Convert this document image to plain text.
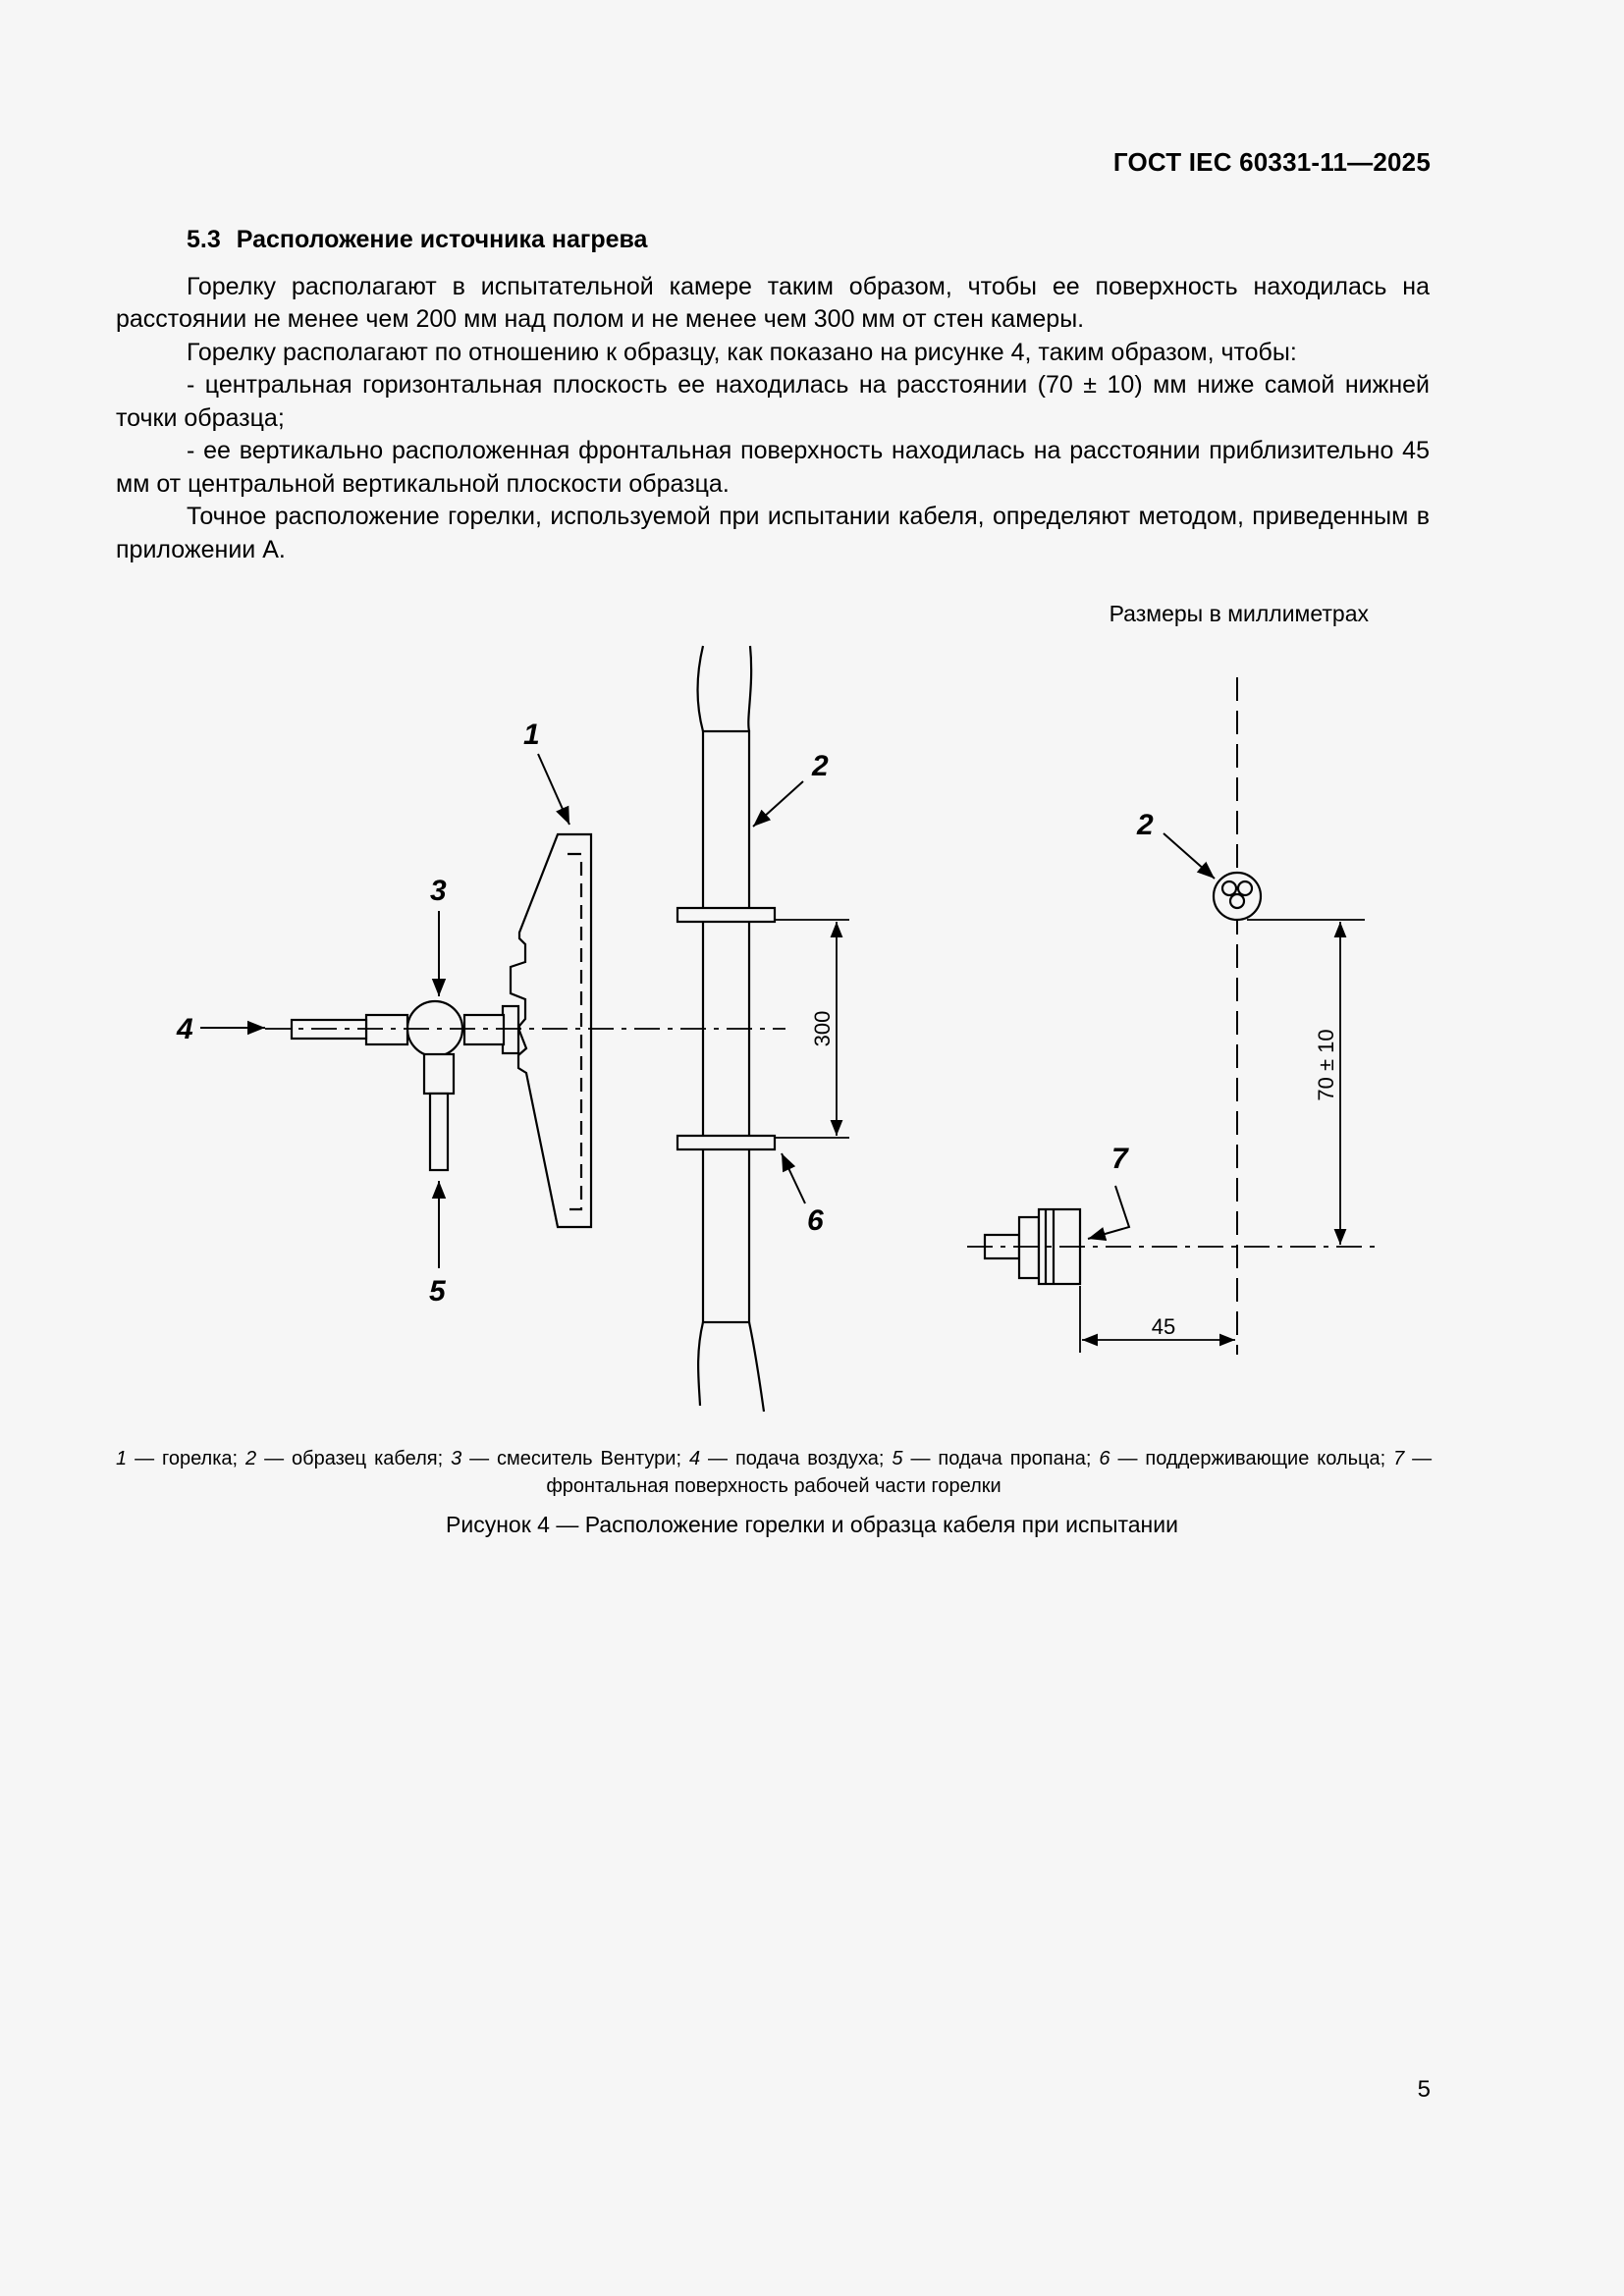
ГОСТ IEC 60331-11—2025
5.3 Расположение источника нагрева

Горелку располагают в испытательной камере таким образом, чтобы ее поверхность находилась на расстоянии не менее чем 200 мм над полом и не менее чем 300 мм от стен камеры.

Горелку располагают по отношению к образцу, как показано на рисунке 4, таким образом, чтобы:

- центральная горизонтальная плоскость ее находилась на расстоянии (70 ± 10) мм ниже самой нижней точки образца;

- ее вертикально расположенная фронтальная поверхность находилась на расстоянии приблизительно 45 мм от центральной вертикальной плоскости образца.

Точное расположение горелки, используемой при испытании кабеля, определяют методом, приведенным в приложении А.

Размеры в миллиметрах
300
1
2
3
4
5
6
2
7
70 ± 10
45
1 — горелка; 2 — образец кабеля; 3 — смеситель Вентури; 4 — подача воздуха; 5 — подача пропана; 6 — поддерживающие кольца; 7 — фронтальная поверхность рабочей части горелки
Рисунок 4 — Расположение горелки и образца кабеля при испытании
5
